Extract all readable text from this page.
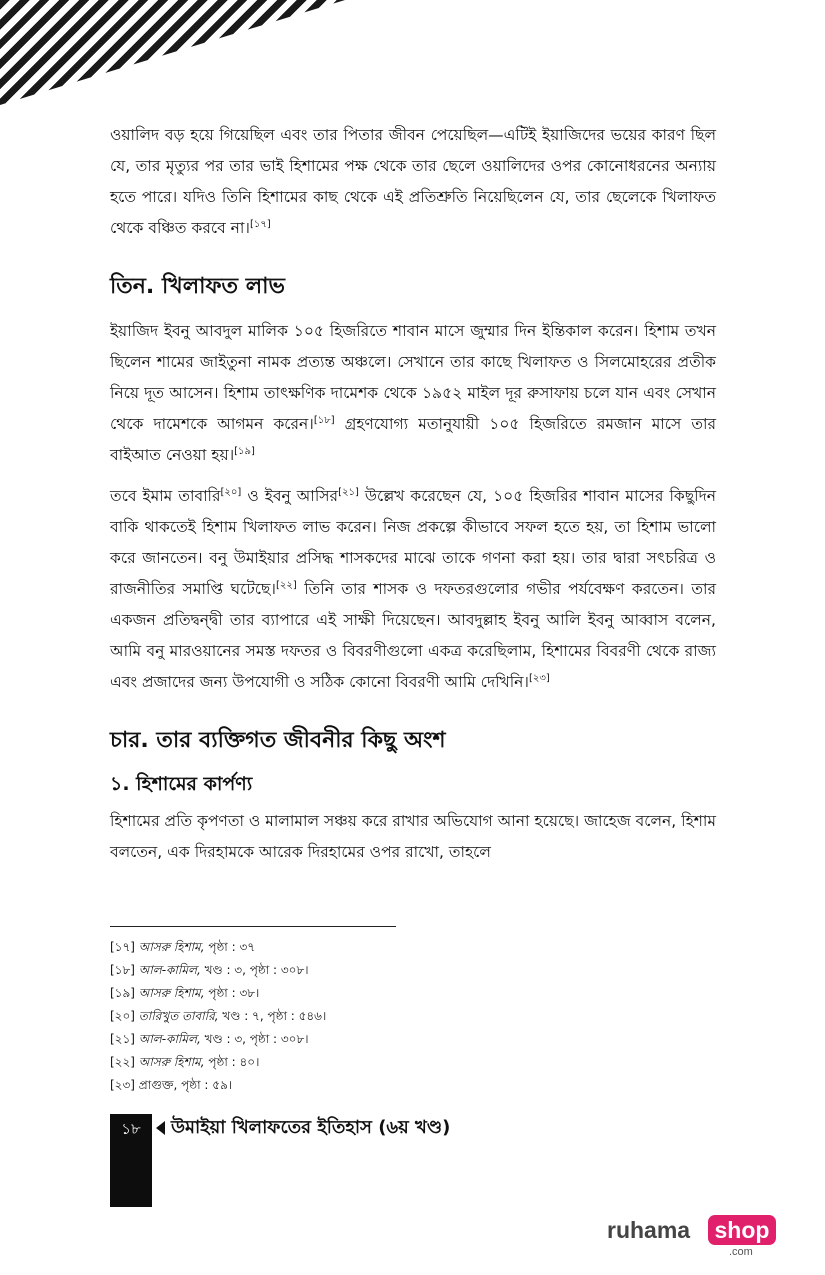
ওয়ালিদ বড় হয়ে গিয়েছিল এবং তার পিতার জীবন পেয়েছিল—এটিই ইয়াজিদের ভয়ের কারণ ছিল যে, তার মৃত্যুর পর তার ভাই হিশামের পক্ষ থেকে তার ছেলে ওয়ালিদের ওপর কোনোধরনের অন্যায় হতে পারে। যদিও তিনি হিশামের কাছ থেকে এই প্রতিশ্রুতি নিয়েছিলেন যে, তার ছেলেকে খিলাফত থেকে বঞ্চিত করবে না।[১৭]

তিন. খিলাফত লাভ

ইয়াজিদ ইবনু আবদুল মালিক ১০৫ হিজরিতে শাবান মাসে জুম্মার দিন ইন্তিকাল করেন। হিশাম তখন ছিলেন শামের জাইতুনা নামক প্রত্যন্ত অঞ্চলে। সেখানে তার কাছে খিলাফত ও সিলমোহরের প্রতীক নিয়ে দূত আসেন। হিশাম তাৎক্ষণিক দামেশক থেকে ১৯৫২ মাইল দূর রুসাফায় চলে যান এবং সেখান থেকে দামেশকে আগমন করেন।[১৮] গ্রহণযোগ্য মতানুযায়ী ১০৫ হিজরিতে রমজান মাসে তার বাইআত নেওয়া হয়।[১৯]

তবে ইমাম তাবারি[২০] ও ইবনু আসির[২১] উল্লেখ করেছেন যে, ১০৫ হিজরির শাবান মাসের কিছুদিন বাকি থাকতেই হিশাম খিলাফত লাভ করেন। নিজ প্রকল্পে কীভাবে সফল হতে হয়, তা হিশাম ভালো করে জানতেন। বনু উমাইয়ার প্রসিদ্ধ শাসকদের মাঝে তাকে গণনা করা হয়। তার দ্বারা সৎচরিত্র ও রাজনীতির সমাপ্তি ঘটেছে।[২২] তিনি তার শাসক ও দফতরগুলোর গভীর পর্যবেক্ষণ করতেন। তার একজন প্রতিদ্বন্দ্বী তার ব্যাপারে এই সাক্ষী দিয়েছেন। আবদুল্লাহ ইবনু আলি ইবনু আব্বাস বলেন, আমি বনু মারওয়ানের সমস্ত দফতর ও বিবরণীগুলো একত্র করেছিলাম, হিশামের বিবরণী থেকে রাজ্য এবং প্রজাদের জন্য উপযোগী ও সঠিক কোনো বিবরণী আমি দেখিনি।[২৩]

চার. তার ব্যক্তিগত জীবনীর কিছু অংশ
১. হিশামের কার্পণ্য

হিশামের প্রতি কৃপণতা ও মালামাল সঞ্চয় করে রাখার অভিযোগ আনা হয়েছে। জাহেজ বলেন, হিশাম বলতেন, এক দিরহামকে আরেক দিরহামের ওপর রাখো, তাহলে

[১৭] আসরু হিশাম, পৃষ্ঠা : ৩৭
[১৮] আল-কামিল, খণ্ড : ৩, পৃষ্ঠা : ৩০৮।
[১৯] আসরু হিশাম, পৃষ্ঠা : ৩৮।
[২০] তারিখুত তাবারি, খণ্ড : ৭, পৃষ্ঠা : ৫৪৬।
[২১] আল-কামিল, খণ্ড : ৩, পৃষ্ঠা : ৩০৮।
[২২] আসরু হিশাম, পৃষ্ঠা : ৪০।
[২৩] প্রাগুক্ত, পৃষ্ঠা : ৫৯।
১৮	উমাইয়া খিলাফতের ইতিহাস (৬য় খণ্ড)
ruhama shop
.com
